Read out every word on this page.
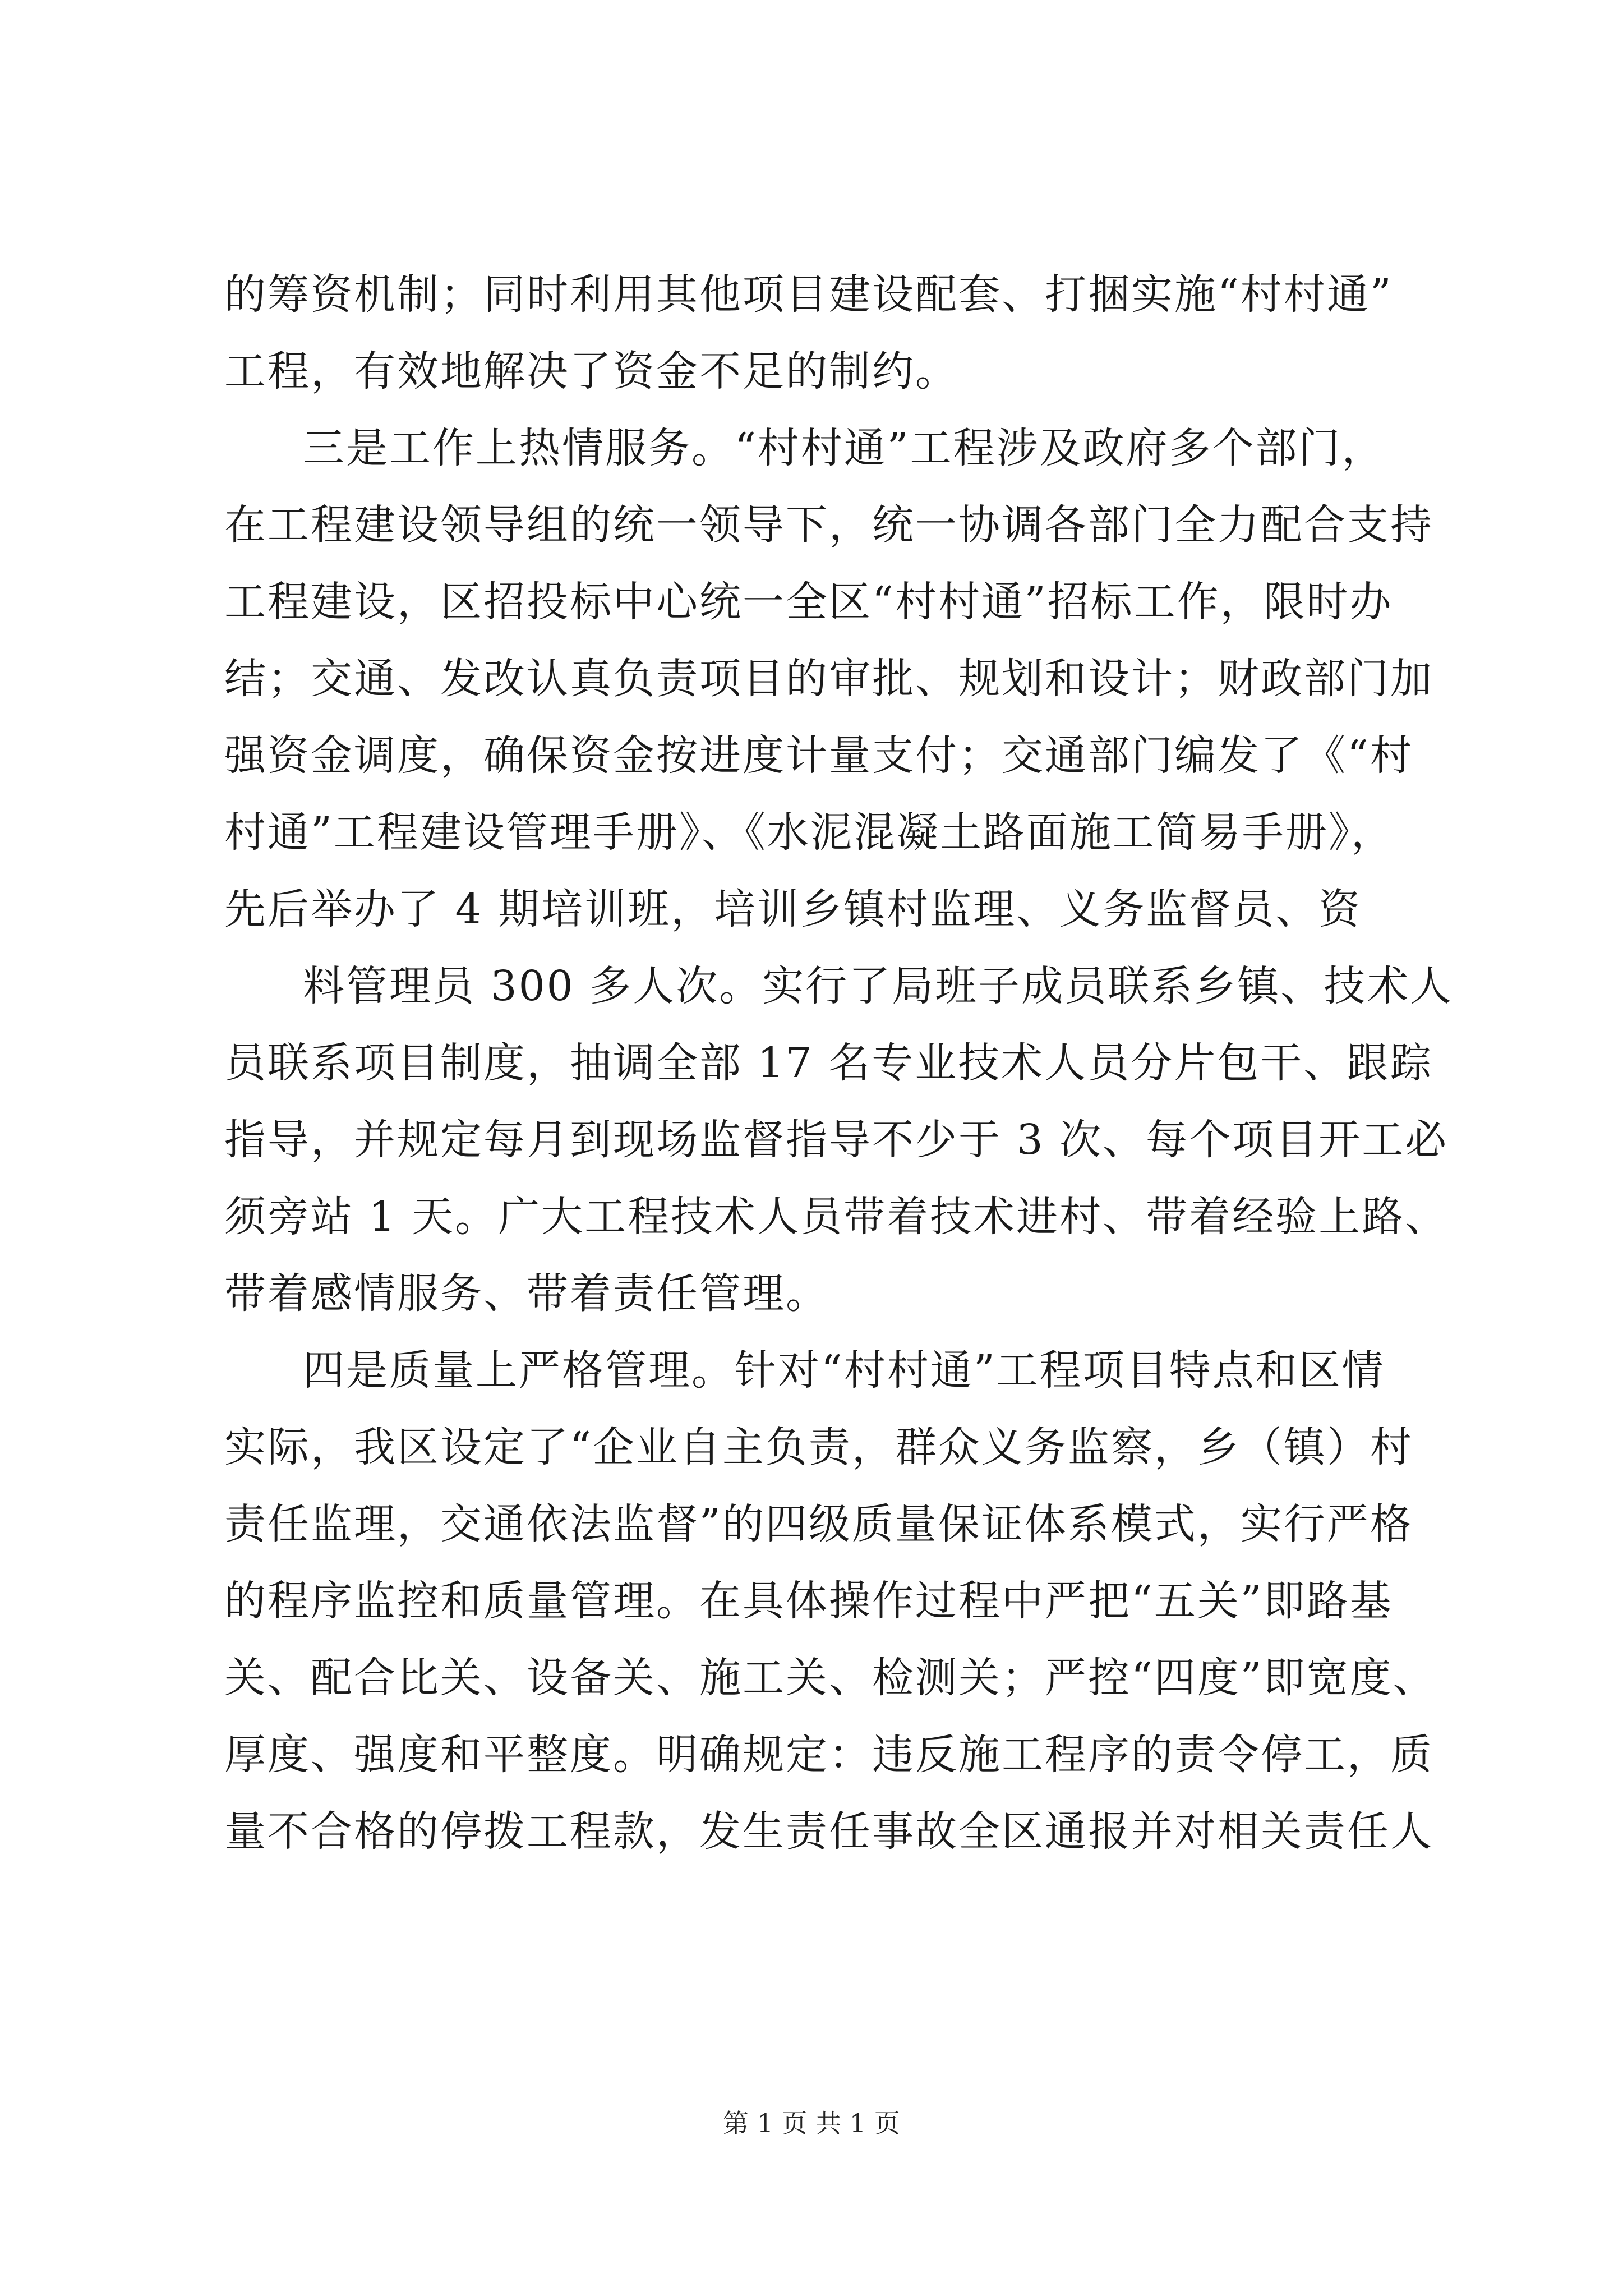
的筹资机制；同时利用其他项目建设配套、打捆实施“村村通”
工程，有效地解决了资金不足的制约。
三是工作上热情服务。“村村通”工程涉及政府多个部门，
在工程建设领导组的统一领导下，统一协调各部门全力配合支持
工程建设，区招投标中心统一全区“村村通”招标工作，限时办
结；交通、发改认真负责项目的审批、规划和设计；财政部门加
强资金调度，确保资金按进度计量支付；交通部门编发了《“村
村通”工程建设管理手册》、《水泥混凝土路面施工简易手册》，
先后举办了 4 期培训班，培训乡镇村监理、义务监督员、资
料管理员 300 多人次。实行了局班子成员联系乡镇、技术人
员联系项目制度，抽调全部 17 名专业技术人员分片包干、跟踪
指导，并规定每月到现场监督指导不少于 3 次、每个项目开工必
须旁站 1 天。广大工程技术人员带着技术进村、带着经验上路、
带着感情服务、带着责任管理。
四是质量上严格管理。针对“村村通”工程项目特点和区情
实际，我区设定了“企业自主负责，群众义务监察，乡（镇）村
责任监理，交通依法监督”的四级质量保证体系模式，实行严格
的程序监控和质量管理。在具体操作过程中严把“五关”即路基
关、配合比关、设备关、施工关、检测关；严控“四度”即宽度、
厚度、强度和平整度。明确规定：违反施工程序的责令停工，质
量不合格的停拨工程款，发生责任事故全区通报并对相关责任人
第 1 页 共 1 页
